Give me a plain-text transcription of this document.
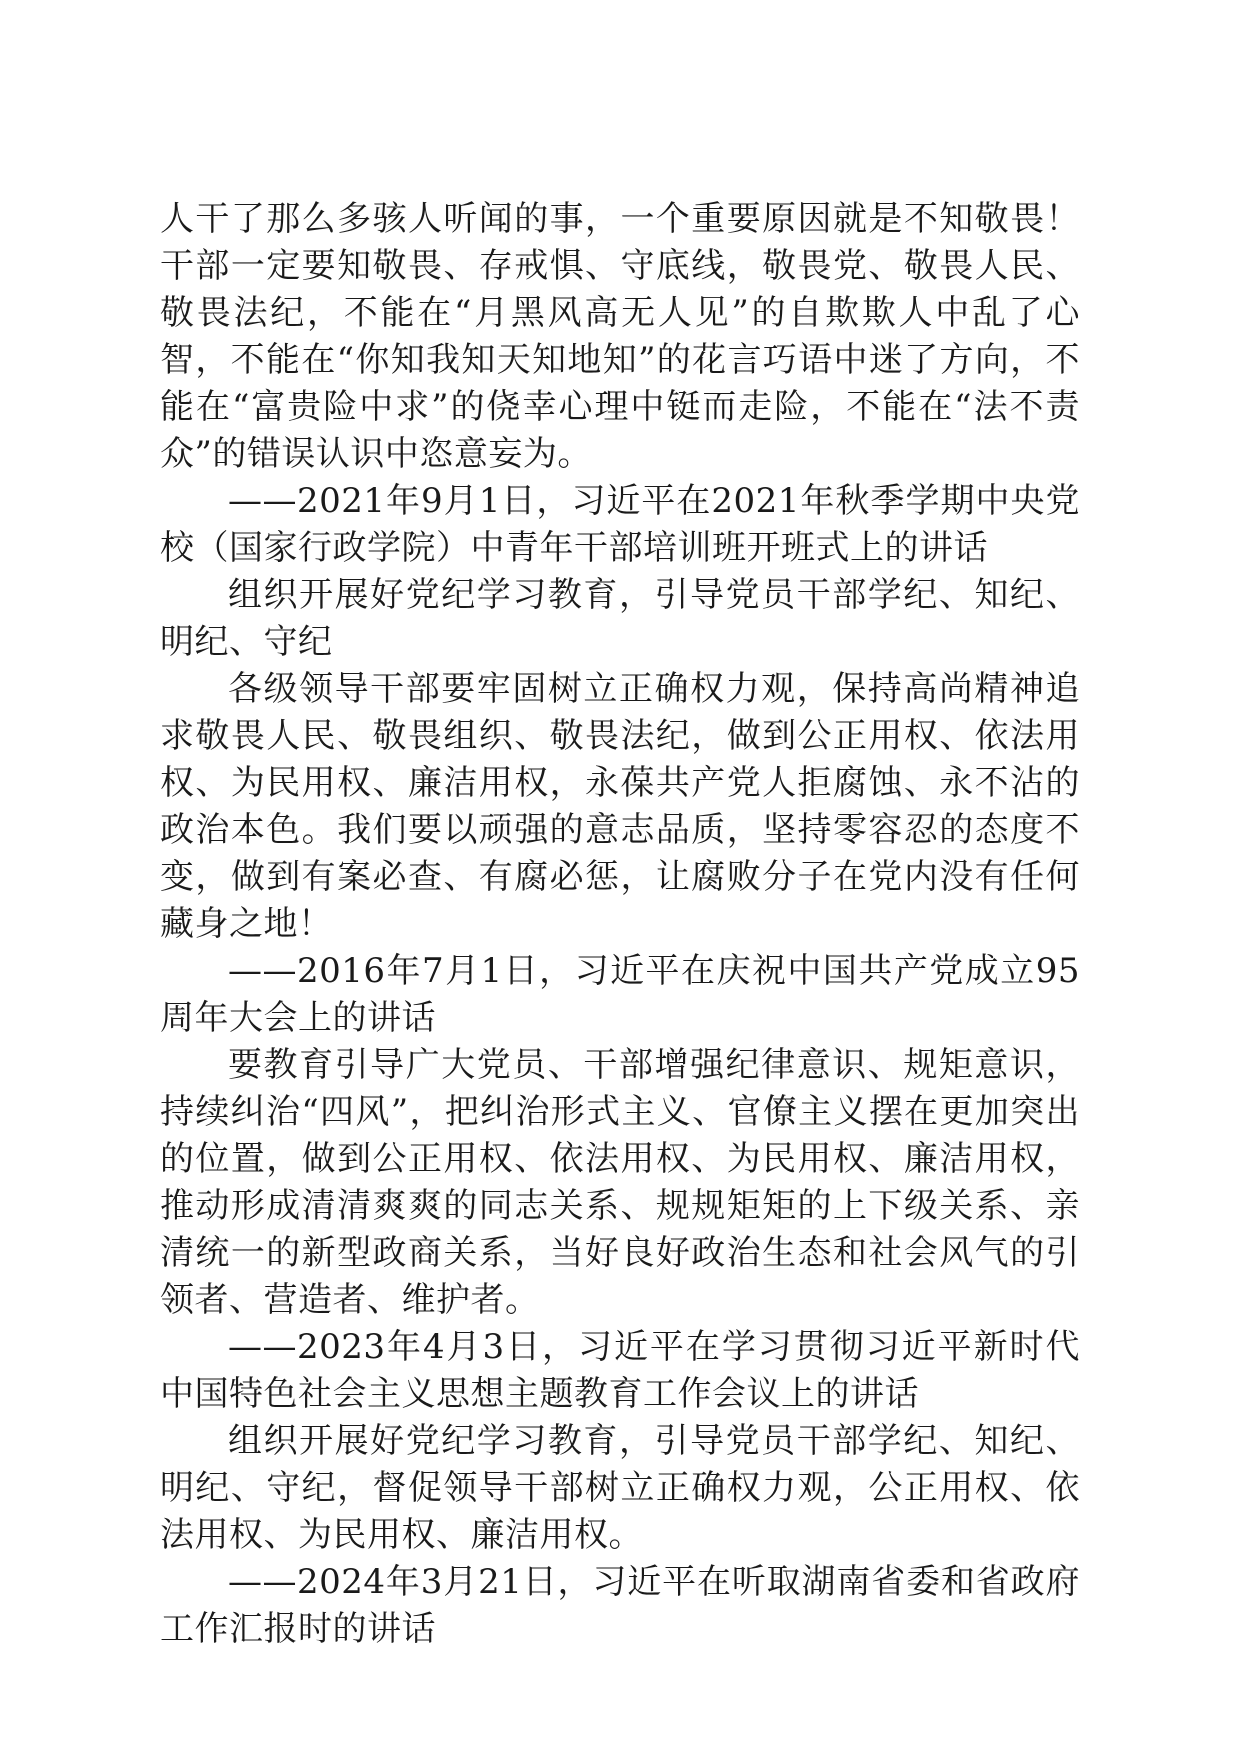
人干了那么多骇人听闻的事，一个重要原因就是不知敬畏！干部一定要知敬畏、存戒惧、守底线，敬畏党、敬畏人民、敬畏法纪，不能在“月黑风高无人见”的自欺欺人中乱了心智，不能在“你知我知天知地知”的花言巧语中迷了方向，不能在“富贵险中求”的侥幸心理中铤而走险，不能在“法不责众”的错误认识中恣意妄为。

——2021年9月1日，习近平在2021年秋季学期中央党校（国家行政学院）中青年干部培训班开班式上的讲话

组织开展好党纪学习教育，引导党员干部学纪、知纪、明纪、守纪

各级领导干部要牢固树立正确权力观，保持高尚精神追求敬畏人民、敬畏组织、敬畏法纪，做到公正用权、依法用权、为民用权、廉洁用权，永葆共产党人拒腐蚀、永不沾的政治本色。我们要以顽强的意志品质，坚持零容忍的态度不变，做到有案必查、有腐必惩，让腐败分子在党内没有任何藏身之地！

——2016年7月1日，习近平在庆祝中国共产党成立95周年大会上的讲话

要教育引导广大党员、干部增强纪律意识、规矩意识，持续纠治“四风”，把纠治形式主义、官僚主义摆在更加突出的位置，做到公正用权、依法用权、为民用权、廉洁用权，推动形成清清爽爽的同志关系、规规矩矩的上下级关系、亲清统一的新型政商关系，当好良好政治生态和社会风气的引领者、营造者、维护者。

——2023年4月3日，习近平在学习贯彻习近平新时代中国特色社会主义思想主题教育工作会议上的讲话

组织开展好党纪学习教育，引导党员干部学纪、知纪、明纪、守纪，督促领导干部树立正确权力观，公正用权、依法用权、为民用权、廉洁用权。

——2024年3月21日，习近平在听取湖南省委和省政府工作汇报时的讲话
